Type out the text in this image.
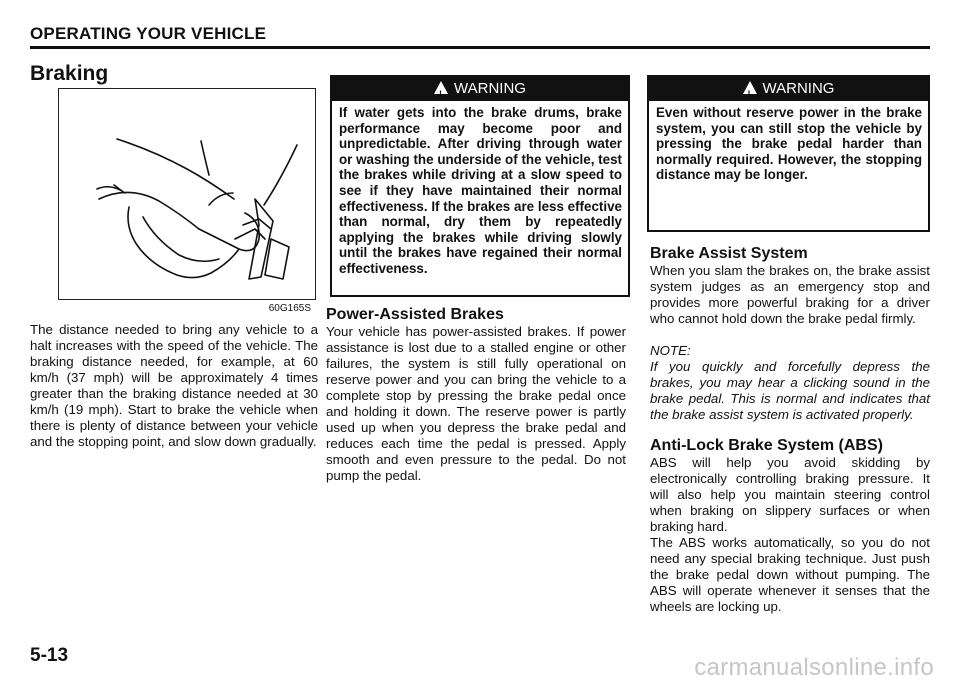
OPERATING YOUR VEHICLE
Braking
60G165S

The distance needed to bring any vehicle to a halt increases with the speed of the vehicle. The braking distance needed, for example, at 60 km/h (37 mph) will be approximately 4 times greater than the braking distance needed at 30 km/h (19 mph). Start to brake the vehicle when there is plenty of distance between your vehicle and the stopping point, and slow down gradually.

!WARNING
If water gets into the brake drums, brake performance may become poor and unpredictable. After driving through water or washing the underside of the vehicle, test the brakes while driving at a slow speed to see if they have maintained their normal effectiveness. If the brakes are less effective than normal, dry them by repeatedly applying the brakes while driving slowly until the brakes have regained their normal effectiveness.
Power-Assisted Brakes

Your vehicle has power-assisted brakes. If power assistance is lost due to a stalled engine or other failures, the system is still fully operational on reserve power and you can bring the vehicle to a complete stop by pressing the brake pedal once and holding it down. The reserve power is partly used up when you depress the brake pedal and reduces each time the pedal is pressed. Apply smooth and even pressure to the pedal. Do not pump the pedal.

!WARNING
Even without reserve power in the brake system, you can still stop the vehicle by pressing the brake pedal harder than normally required. However, the stopping distance may be longer.
Brake Assist System

When you slam the brakes on, the brake assist system judges as an emergency stop and provides more powerful braking for a driver who cannot hold down the brake pedal firmly.

NOTE:

If you quickly and forcefully depress the brakes, you may hear a clicking sound in the brake pedal. This is normal and indicates that the brake assist system is activated properly.

Anti-Lock Brake System (ABS)

ABS will help you avoid skidding by electronically controlling braking pressure. It will also help you maintain steering control when braking on slippery surfaces or when braking hard.

The ABS works automatically, so you do not need any special braking technique. Just push the brake pedal down without pumping. The ABS will operate whenever it senses that the wheels are locking up.

5-13	carmanualsonline.info
